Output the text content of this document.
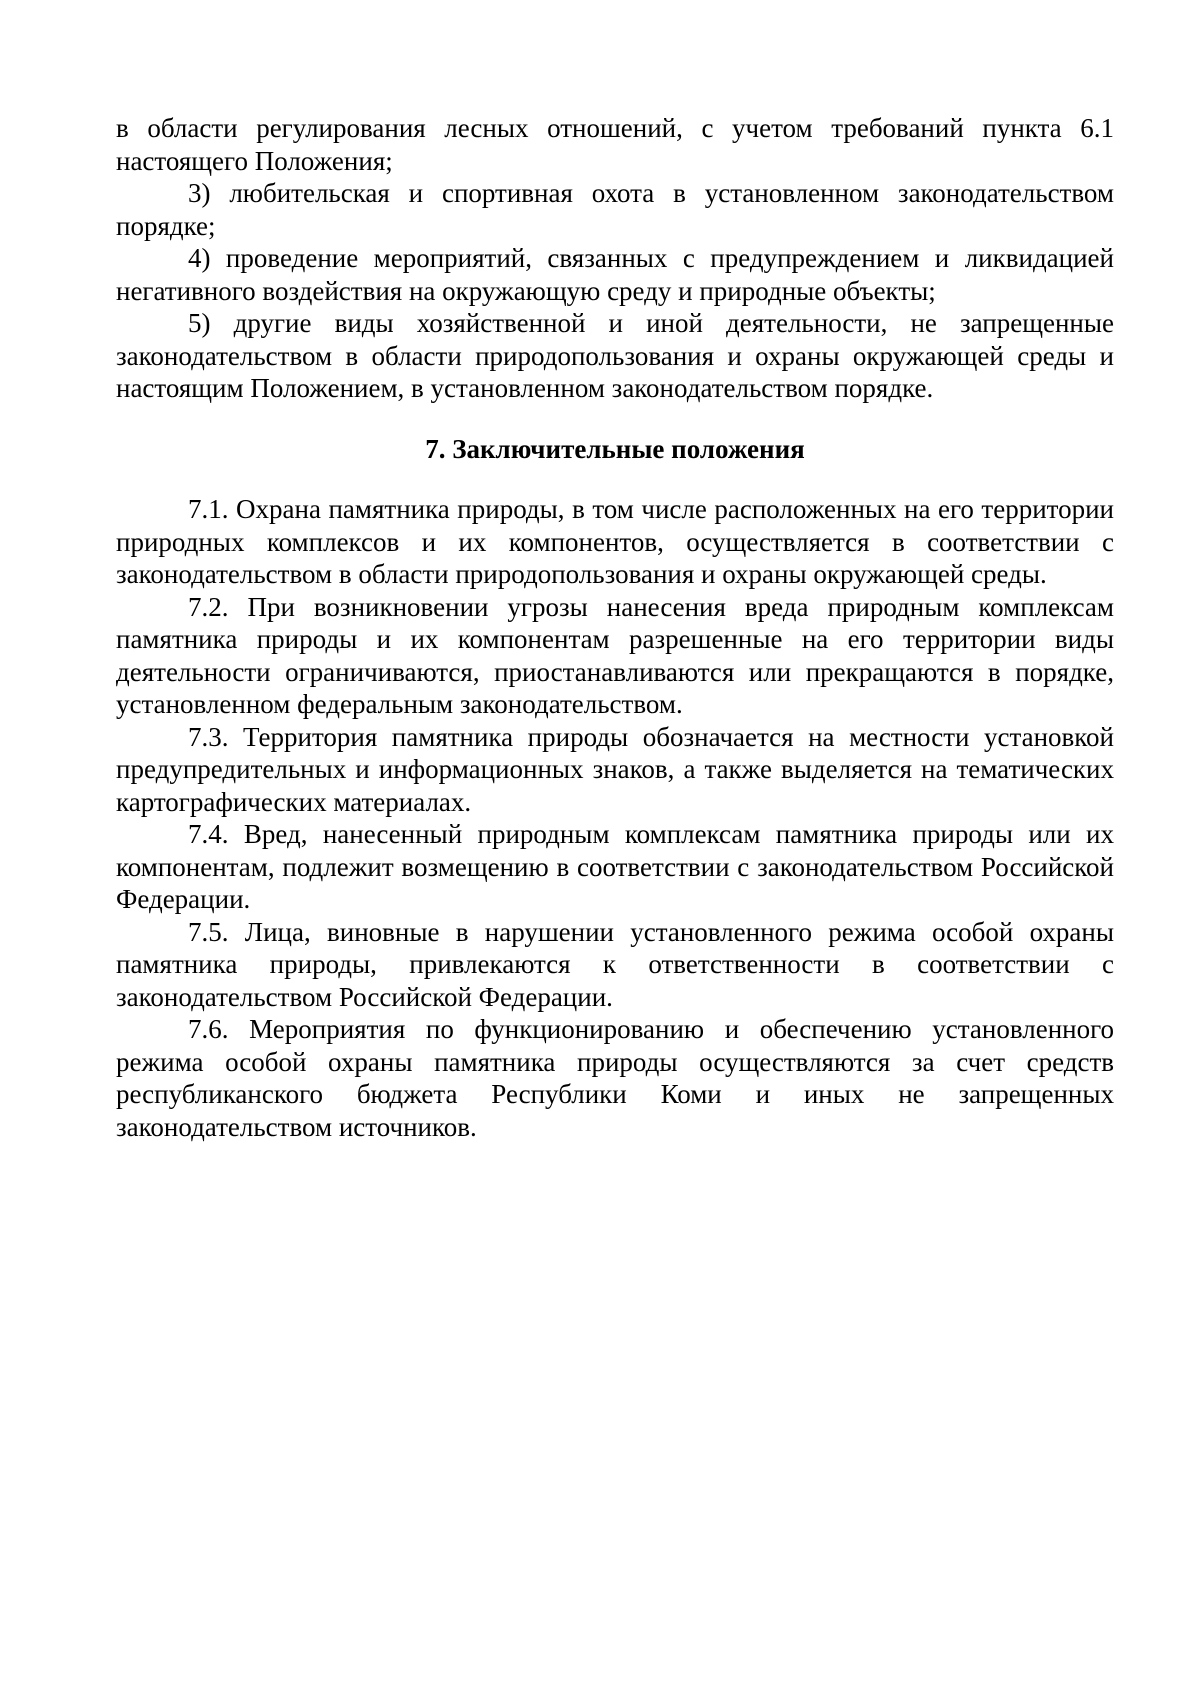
в области регулирования лесных отношений, с учетом требований пункта 6.1 настоящего Положения;

3) любительская и спортивная охота в установленном законодательством порядке;

4) проведение мероприятий, связанных с предупреждением и ликвидацией негативного воздействия на окружающую среду и природные объекты;

5) другие виды хозяйственной и иной деятельности, не запрещенные законодательством в области природопользования и охраны окружающей среды и настоящим Положением, в установленном законодательством порядке.

7. Заключительные положения

7.1. Охрана памятника природы, в том числе расположенных на его территории природных комплексов и их компонентов, осуществляется в соответствии с законодательством в области природопользования и охраны окружающей среды.

7.2. При возникновении угрозы нанесения вреда природным комплексам памятника природы и их компонентам разрешенные на его территории виды деятельности ограничиваются, приостанавливаются или прекращаются в порядке, установленном федеральным законодательством.

7.3. Территория памятника природы обозначается на местности установкой предупредительных и информационных знаков, а также выделяется на тематических картографических материалах.

7.4. Вред, нанесенный природным комплексам памятника природы или их компонентам, подлежит возмещению в соответствии с законодательством Российской Федерации.

7.5. Лица, виновные в нарушении установленного режима особой охраны памятника природы, привлекаются к ответственности в соответствии с законодательством Российской Федерации.

7.6. Мероприятия по функционированию и обеспечению установленного режима особой охраны памятника природы осуществляются за счет средств республиканского бюджета Республики Коми и иных не запрещенных законодательством источников.
